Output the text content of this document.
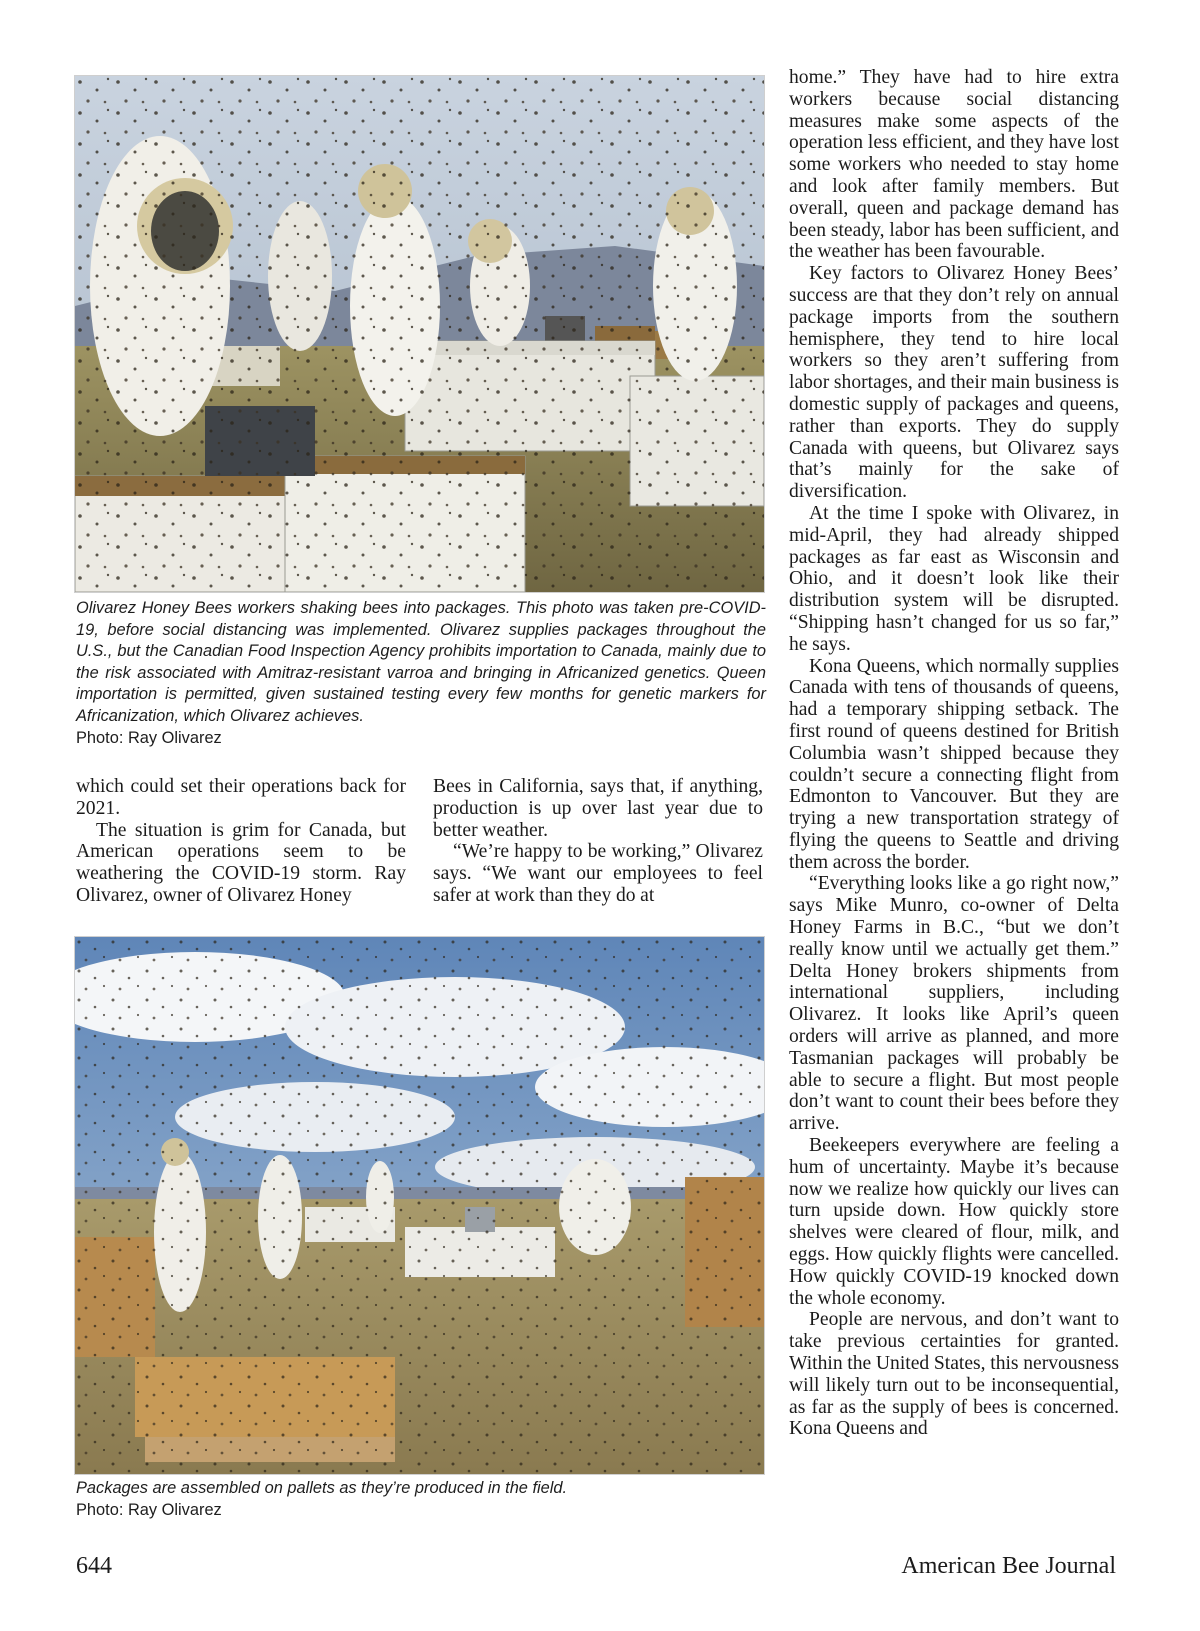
Olivarez Honey Bees workers shaking bees into packages. This photo was taken pre-COVID-19, before social distancing was implemented. Olivarez supplies packages throughout the U.S., but the Canadian Food Inspection Agency prohibits importation to Canada, mainly due to the risk associated with Amitraz-resistant varroa and bringing in Africanized genetics. Queen importation is permitted, given sustained testing every few months for genetic markers for Africanization, which Olivarez achieves.
Photo: Ray Olivarez

which could set their operations back for 2021.

The situation is grim for Canada, but American operations seem to be weathering the COVID-19 storm. Ray Olivarez, owner of Olivarez Honey

Bees in California, says that, if anything, production is up over last year due to better weather.

“We’re happy to be working,” Olivarez says. “We want our employees to feel safer at work than they do at

Packages are assembled on pallets as they’re produced in the field.
Photo: Ray Olivarez

home.” They have had to hire extra workers because social distancing measures make some aspects of the operation less efficient, and they have lost some workers who needed to stay home and look after family members. But overall, queen and package demand has been steady, labor has been sufficient, and the weather has been favourable.

Key factors to Olivarez Honey Bees’ success are that they don’t rely on annual package imports from the southern hemisphere, they tend to hire local workers so they aren’t suffering from labor shortages, and their main business is domestic supply of packages and queens, rather than exports. They do supply Canada with queens, but Olivarez says that’s mainly for the sake of diversification.

At the time I spoke with Olivarez, in mid-April, they had already shipped packages as far east as Wisconsin and Ohio, and it doesn’t look like their distribution system will be disrupted. “Shipping hasn’t changed for us so far,” he says.

Kona Queens, which normally supplies Canada with tens of thousands of queens, had a temporary shipping setback. The first round of queens destined for British Columbia wasn’t shipped because they couldn’t secure a connecting flight from Edmonton to Vancouver. But they are trying a new transportation strategy of flying the queens to Seattle and driving them across the border.

“Everything looks like a go right now,” says Mike Munro, co-owner of Delta Honey Farms in B.C., “but we don’t really know until we actually get them.” Delta Honey brokers shipments from international suppliers, including Olivarez. It looks like April’s queen orders will arrive as planned, and more Tasmanian packages will probably be able to secure a flight. But most people don’t want to count their bees before they arrive.

Beekeepers everywhere are feeling a hum of uncertainty. Maybe it’s because now we realize how quickly our lives can turn upside down. How quickly store shelves were cleared of flour, milk, and eggs. How quickly flights were cancelled. How quickly COVID-19 knocked down the whole economy.

People are nervous, and don’t want to take previous certainties for granted. Within the United States, this nervousness will likely turn out to be inconsequential, as far as the supply of bees is concerned. Kona Queens and

644	American Bee Journal
